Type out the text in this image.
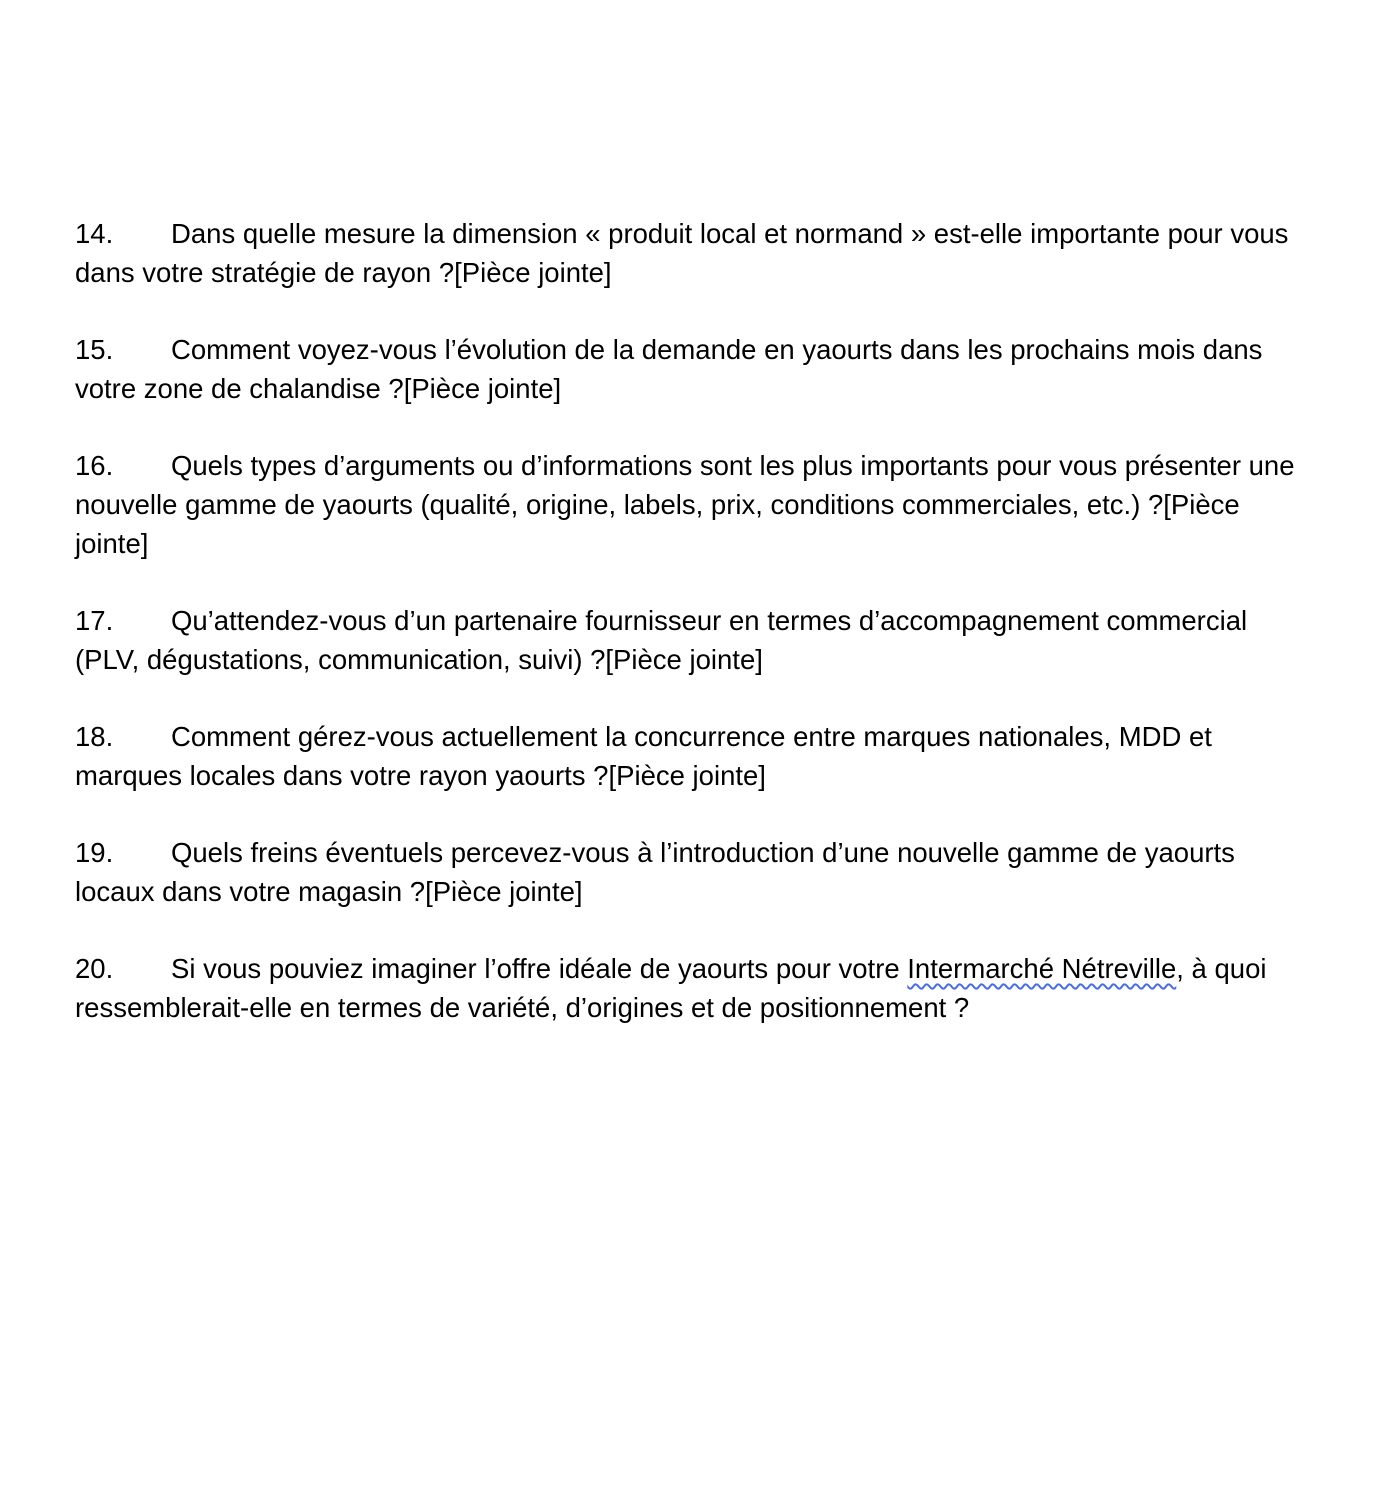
14. Dans quelle mesure la dimension « produit local et normand » est-elle importante pour vous dans votre stratégie de rayon ?[Pièce jointe]

15. Comment voyez-vous l’évolution de la demande en yaourts dans les prochains mois dans votre zone de chalandise ?[Pièce jointe]

16. Quels types d’arguments ou d’informations sont les plus importants pour vous présenter une nouvelle gamme de yaourts (qualité, origine, labels, prix, conditions commerciales, etc.) ?[Pièce jointe]

17. Qu’attendez-vous d’un partenaire fournisseur en termes d’accompagnement commercial (PLV, dégustations, communication, suivi) ?[Pièce jointe]

18. Comment gérez-vous actuellement la concurrence entre marques nationales, MDD et marques locales dans votre rayon yaourts ?[Pièce jointe]

19. Quels freins éventuels percevez-vous à l’introduction d’une nouvelle gamme de yaourts locaux dans votre magasin ?[Pièce jointe]

20. Si vous pouviez imaginer l’offre idéale de yaourts pour votre Intermarché Nétreville, à quoi ressemblerait-elle en termes de variété, d’origines et de positionnement ?
